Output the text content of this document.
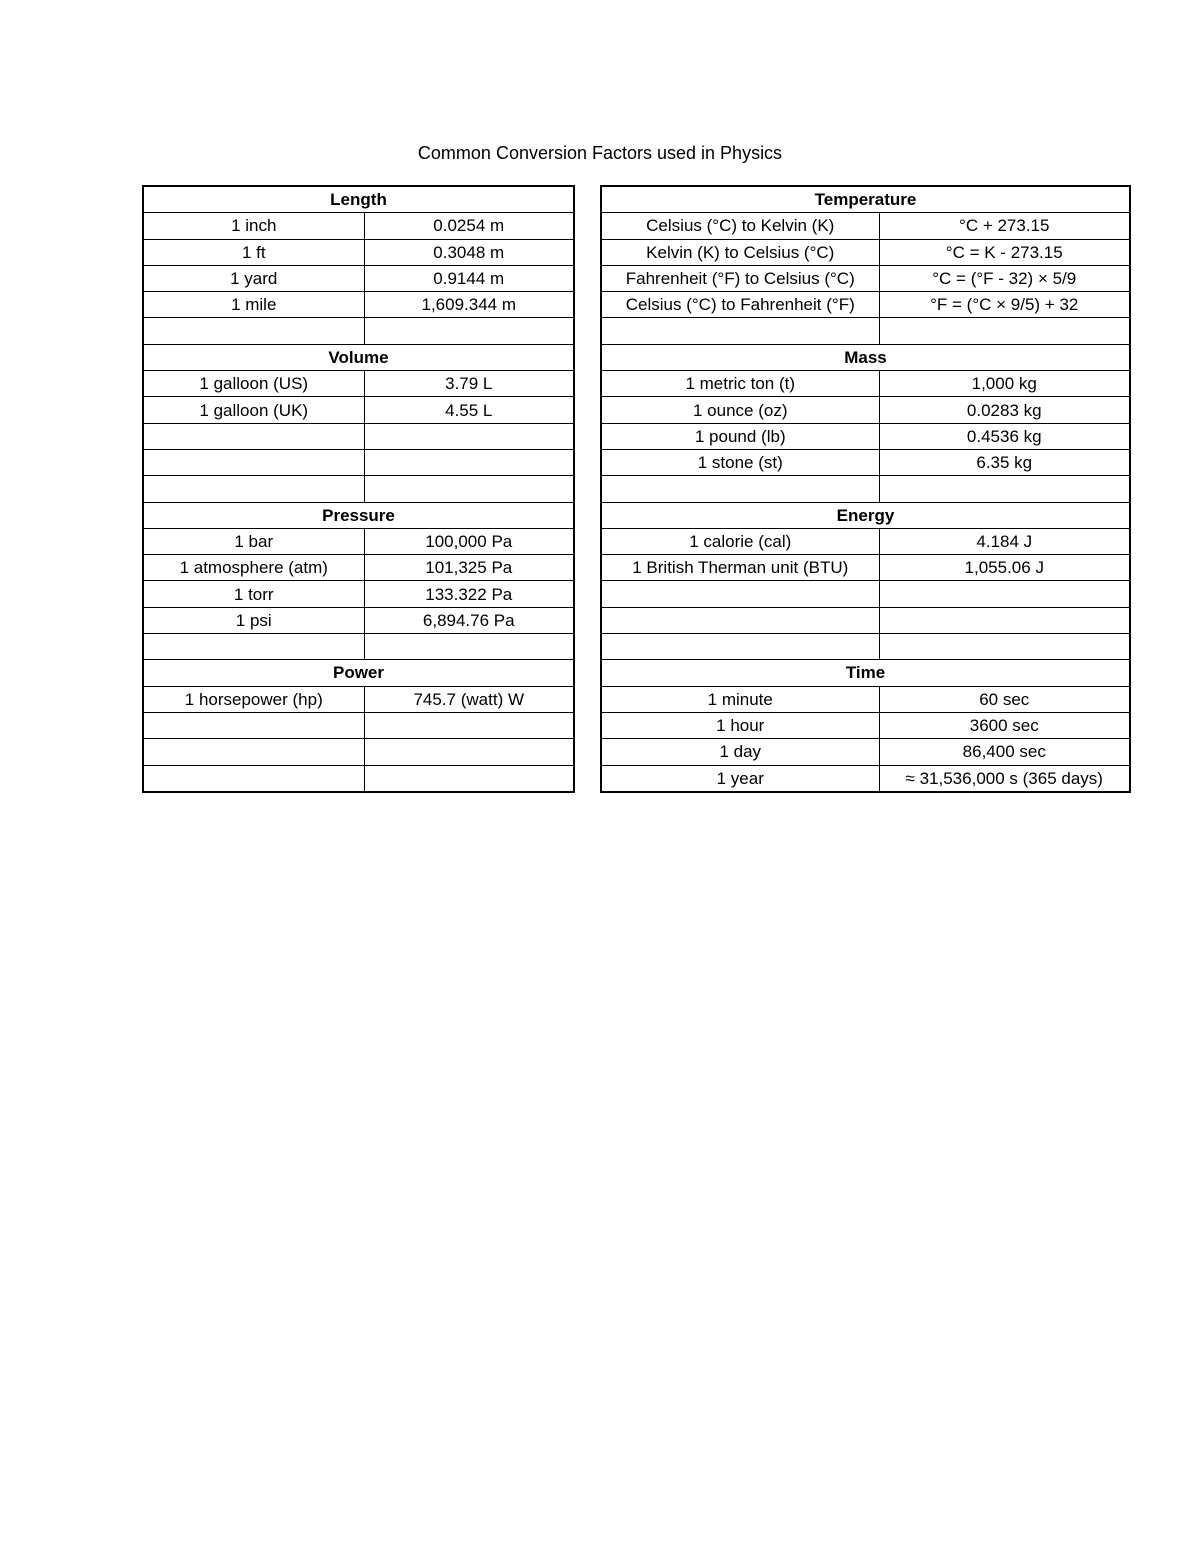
Common Conversion Factors used in Physics
Length	
1 inch	0.0254 m
1 ft	0.3048 m
1 yard	0.9144 m
1 mile	1,609.344 m

Volume	
1 galloon (US)	3.79 L
1 galloon (UK)	4.55 L

Pressure	
1 bar	100,000 Pa
1 atmosphere (atm)	101,325 Pa
1 torr	133.322 Pa
1 psi	6,894.76 Pa

Power	
1 horsepower (hp)	745.7 (watt) W

Temperature	
Celsius (°C) to Kelvin (K)	°C + 273.15
Kelvin (K) to Celsius (°C)	°C = K - 273.15
Fahrenheit (°F) to Celsius (°C)	°C = (°F - 32) × 5/9
Celsius (°C) to Fahrenheit (°F)	°F = (°C × 9/5) + 32

Mass	
1 metric ton (t)	1,000 kg
1 ounce (oz)	0.0283 kg
1 pound (lb)	0.4536 kg
1 stone (st)	6.35 kg

Energy	
1 calorie (cal)	4.184 J
1 British Therman unit (BTU)	1,055.06 J

Time	
1 minute	60 sec
1 hour	3600 sec
1 day	86,400 sec
1 year	≈ 31,536,000 s (365 days)
